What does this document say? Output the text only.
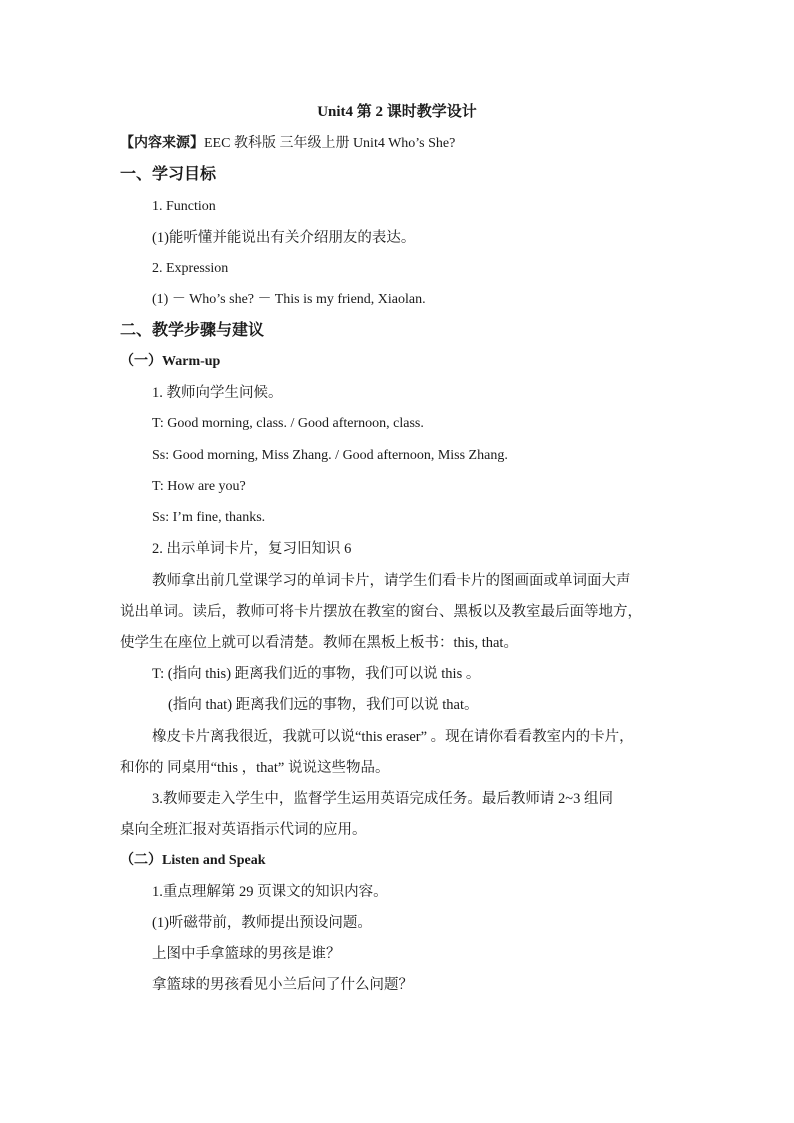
Unit4 第 2 课时教学设计
【内容来源】EEC 教科版 三年级上册 Unit4 Who’s She?
一、学习目标
1. Function
(1)能听懂并能说出有关介绍朋友的表达。
2. Expression
(1) － Who’s she? － This is my friend, Xiaolan.
二、教学步骤与建议
（一）Warm-up
1. 教师向学生问候。
T: Good morning, class. / Good afternoon, class.
Ss: Good morning, Miss Zhang. / Good afternoon, Miss Zhang.
T: How are you?
Ss: I’m fine, thanks.
2. 出示单词卡片，复习旧知识 6
教师拿出前几堂课学习的单词卡片，请学生们看卡片的图画面或单词面大声
说出单词。读后，教师可将卡片摆放在教室的窗台、黑板以及教室最后面等地方，
使学生在座位上就可以看清楚。教师在黑板上板书：this, that。
T: (指向 this) 距离我们近的事物，我们可以说 this 。
(指向 that) 距离我们远的事物，我们可以说 that。
橡皮卡片离我很近，我就可以说“this eraser” 。现在请你看看教室内的卡片，
和你的 同桌用“this ，that” 说说这些物品。
3.教师要走入学生中，监督学生运用英语完成任务。最后教师请 2~3 组同
桌向全班汇报对英语指示代词的应用。
（二）Listen and Speak
1.重点理解第 29 页课文的知识内容。
(1)听磁带前，教师提出预设问题。
上图中手拿篮球的男孩是谁？
拿篮球的男孩看见小兰后问了什么问题？
